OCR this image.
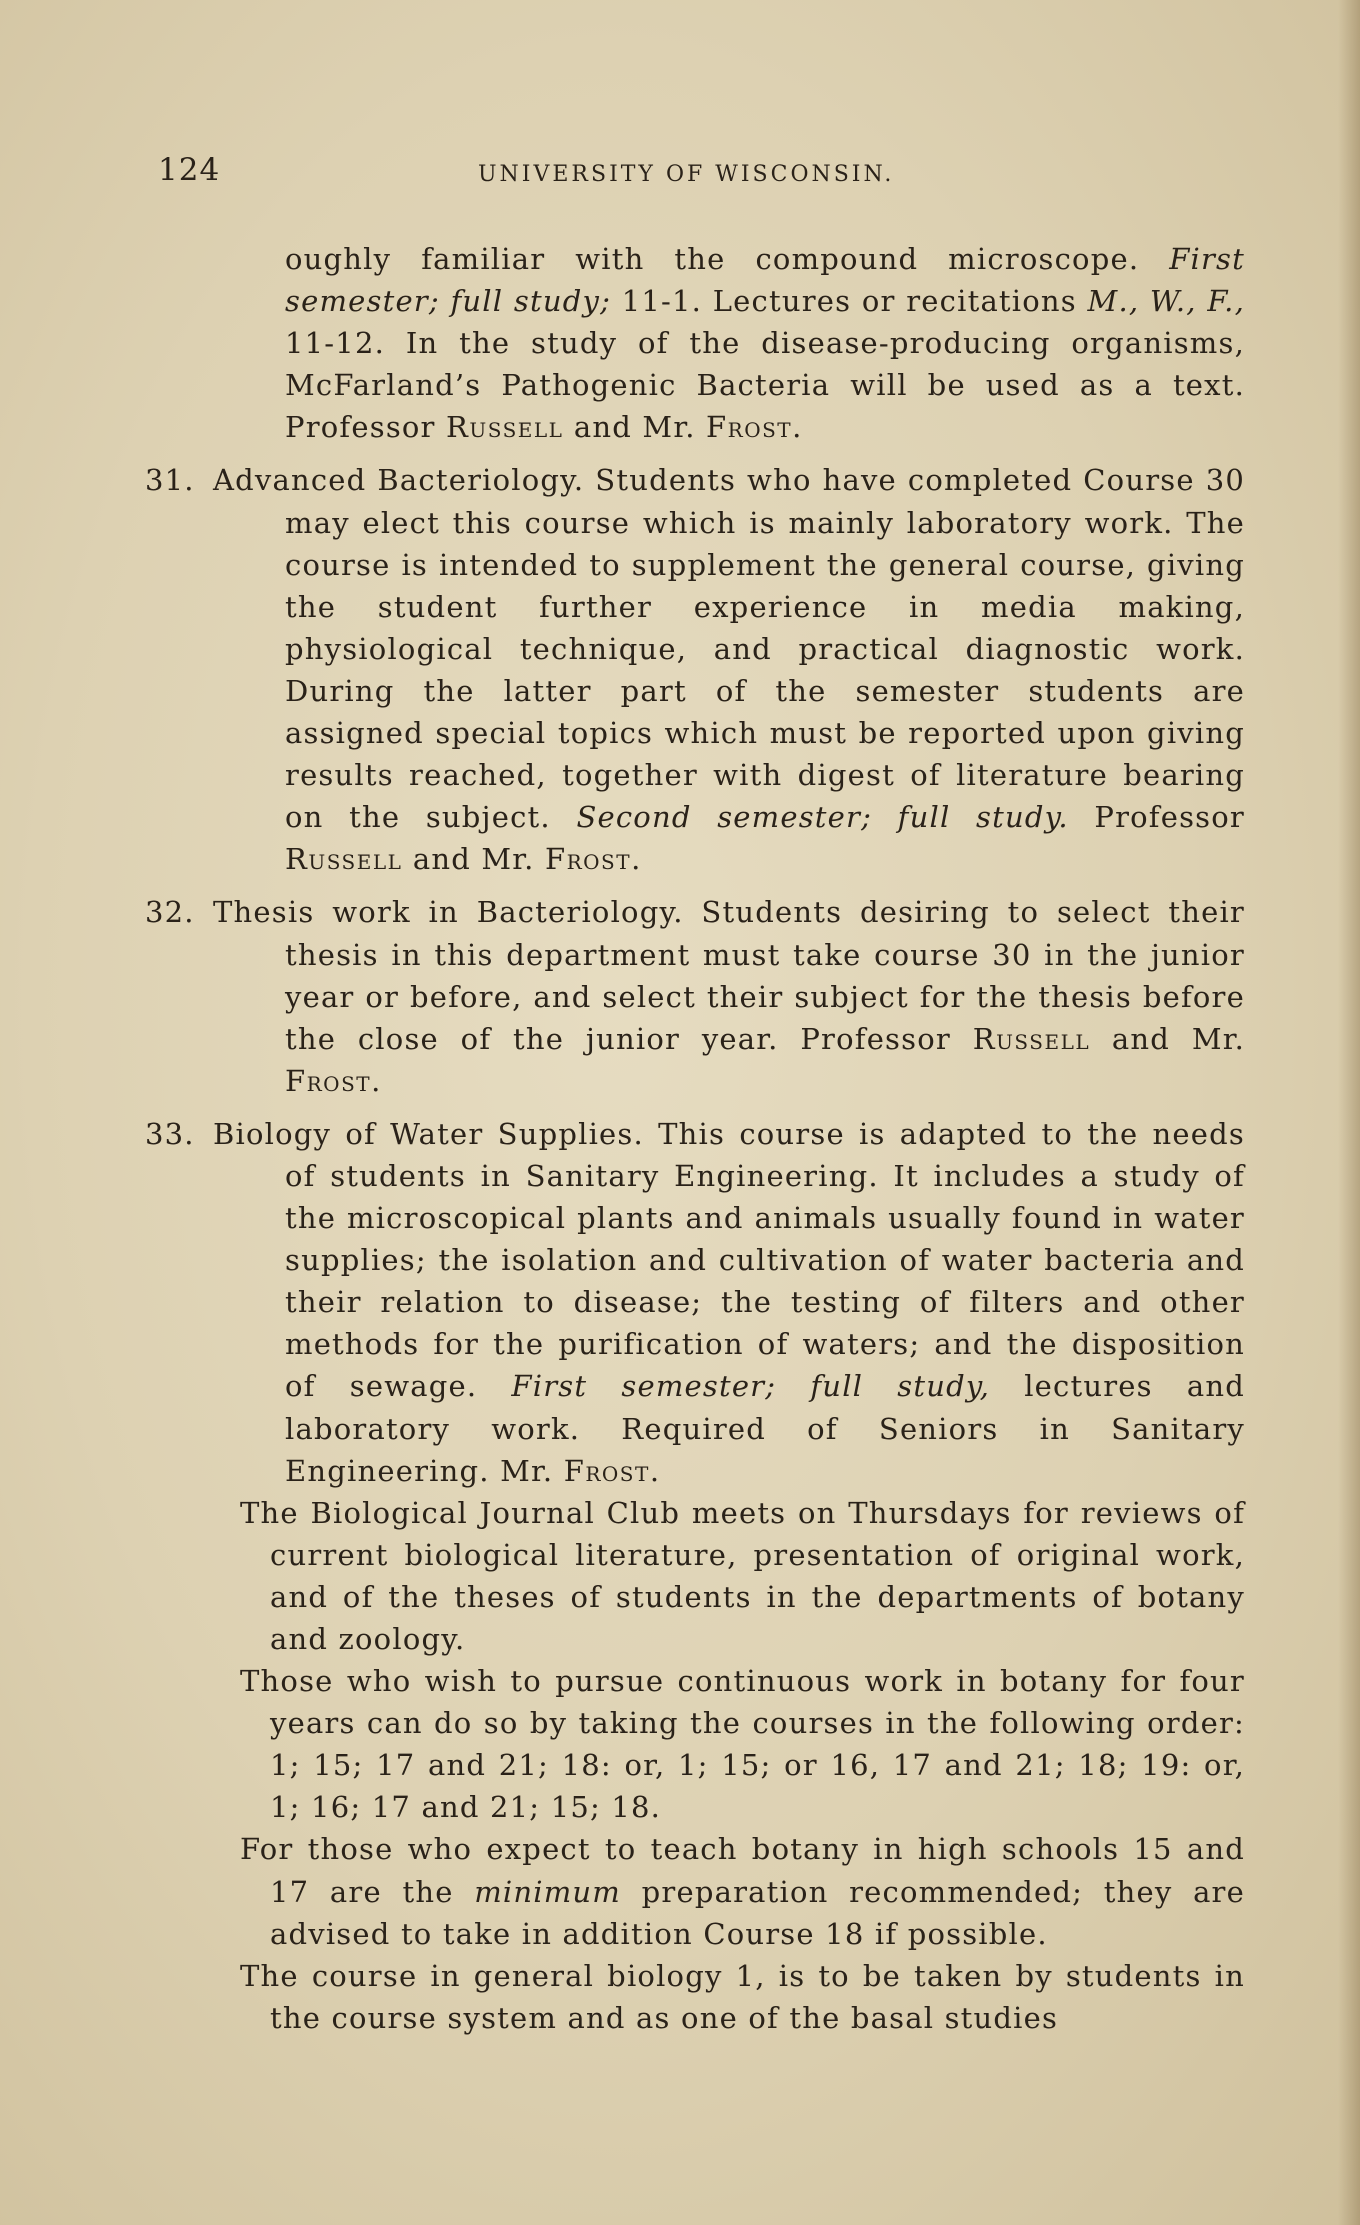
124	UNIVERSITY OF WISCONSIN.

oughly familiar with the compound microscope. First semester; full study; 11-1. Lectures or recitations M., W., F., 11-12. In the study of the disease-producing organisms, McFarland’s Pathogenic Bacteria will be used as a text. Professor Russell and Mr. Frost.

31. Advanced Bacteriology. Students who have completed Course 30 may elect this course which is mainly laboratory work. The course is intended to supplement the general course, giving the student further experience in media making, physiological technique, and practical diagnostic work. During the latter part of the semester students are assigned special topics which must be reported upon giving results reached, together with digest of literature bearing on the subject. Second semester; full study. Professor Russell and Mr. Frost.

32. Thesis work in Bacteriology. Students desiring to select their thesis in this department must take course 30 in the junior year or before, and select their subject for the thesis before the close of the junior year. Professor Russell and Mr. Frost.

33. Biology of Water Supplies. This course is adapted to the needs of students in Sanitary Engineering. It includes a study of the microscopical plants and animals usually found in water supplies; the isolation and cultivation of water bacteria and their relation to disease; the testing of filters and other methods for the purification of waters; and the disposition of sewage. First semester; full study, lectures and laboratory work. Required of Seniors in Sanitary Engineering. Mr. Frost.

The Biological Journal Club meets on Thursdays for reviews of current biological literature, presentation of original work, and of the theses of students in the departments of botany and zoology.

Those who wish to pursue continuous work in botany for four years can do so by taking the courses in the following order: 1; 15; 17 and 21; 18: or, 1; 15; or 16, 17 and 21; 18; 19: or, 1; 16; 17 and 21; 15; 18.

For those who expect to teach botany in high schools 15 and 17 are the minimum preparation recommended; they are advised to take in addition Course 18 if possible.

The course in general biology 1, is to be taken by students in the course system and as one of the basal studies
